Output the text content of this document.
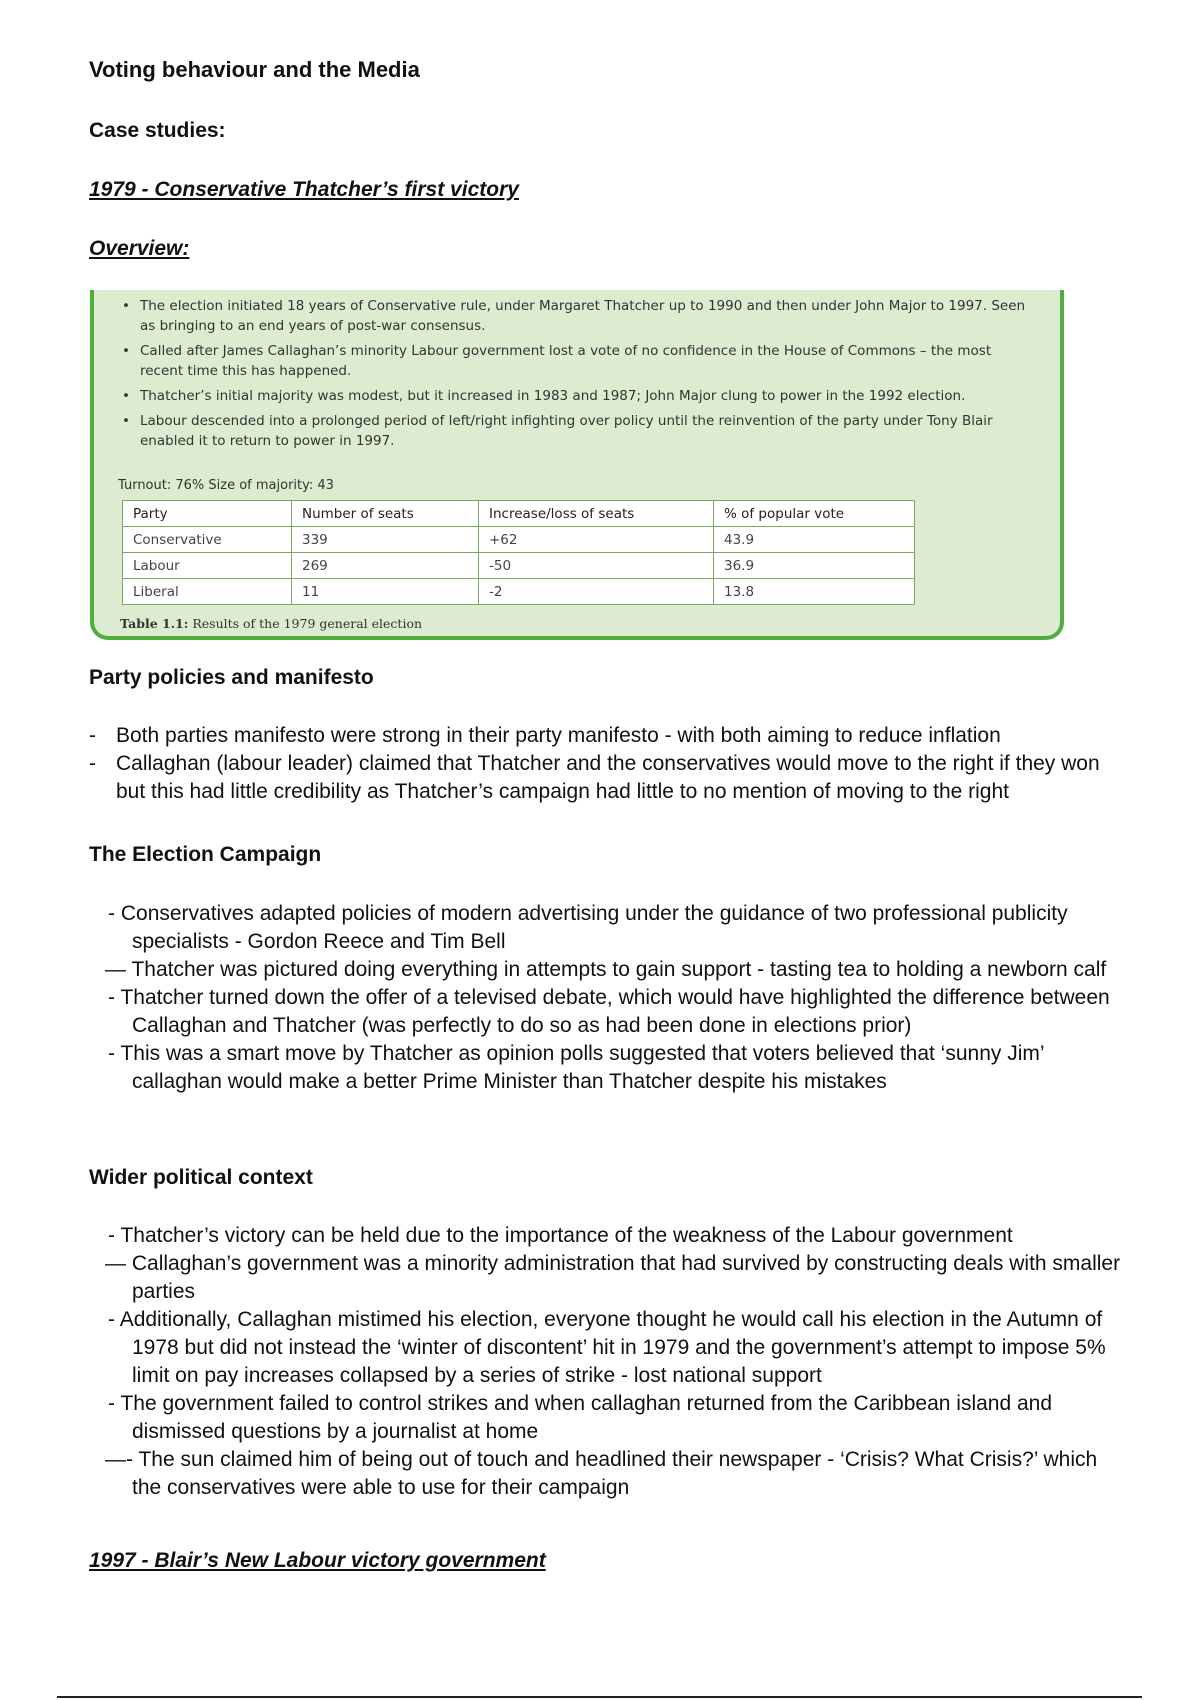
Voting behaviour and the Media
Case studies:
1979 - Conservative Thatcher’s first victory
Overview:
• The election initiated 18 years of Conservative rule, under Margaret Thatcher up to 1990 and then under John Major to 1997. Seen as bringing to an end years of post-war consensus.
• Called after James Callaghan’s minority Labour government lost a vote of no confidence in the House of Commons – the most recent time this has happened.
• Thatcher’s initial majority was modest, but it increased in 1983 and 1987; John Major clung to power in the 1992 election.
• Labour descended into a prolonged period of left/right infighting over policy until the reinvention of the party under Tony Blair enabled it to return to power in 1997.
Turnout: 76% Size of majority: 43
Party	Number of seats	Increase/loss of seats	% of popular vote
Conservative	339	+62	43.9
Labour	269	-50	36.9
Liberal	11	-2	13.8
Table 1.1: Results of the 1979 general election
Party policies and manifesto
- Both parties manifesto were strong in their party manifesto - with both aiming to reduce inflation
- Callaghan (labour leader) claimed that Thatcher and the conservatives would move to the right if they won but this had little credibility as Thatcher’s campaign had little to no mention of moving to the right
The Election Campaign
- Conservatives adapted policies of modern advertising under the guidance of two professional publicity specialists - Gordon Reece and Tim Bell
— Thatcher was pictured doing everything in attempts to gain support - tasting tea to holding a newborn calf
- Thatcher turned down the offer of a televised debate, which would have highlighted the difference between Callaghan and Thatcher (was perfectly to do so as had been done in elections prior)
- This was a smart move by Thatcher as opinion polls suggested that voters believed that ‘sunny Jim’ callaghan would make a better Prime Minister than Thatcher despite his mistakes
Wider political context
- Thatcher’s victory can be held due to the importance of the weakness of the Labour government
— Callaghan’s government was a minority administration that had survived by constructing deals with smaller parties
- Additionally, Callaghan mistimed his election, everyone thought he would call his election in the Autumn of 1978 but did not instead the ‘winter of discontent’ hit in 1979 and the government’s attempt to impose 5% limit on pay increases collapsed by a series of strike - lost national support
- The government failed to control strikes and when callaghan returned from the Caribbean island and dismissed questions by a journalist at home
—- The sun claimed him of being out of touch and headlined their newspaper - ‘Crisis? What Crisis?’ which the conservatives were able to use for their campaign
1997 - Blair’s New Labour victory government
